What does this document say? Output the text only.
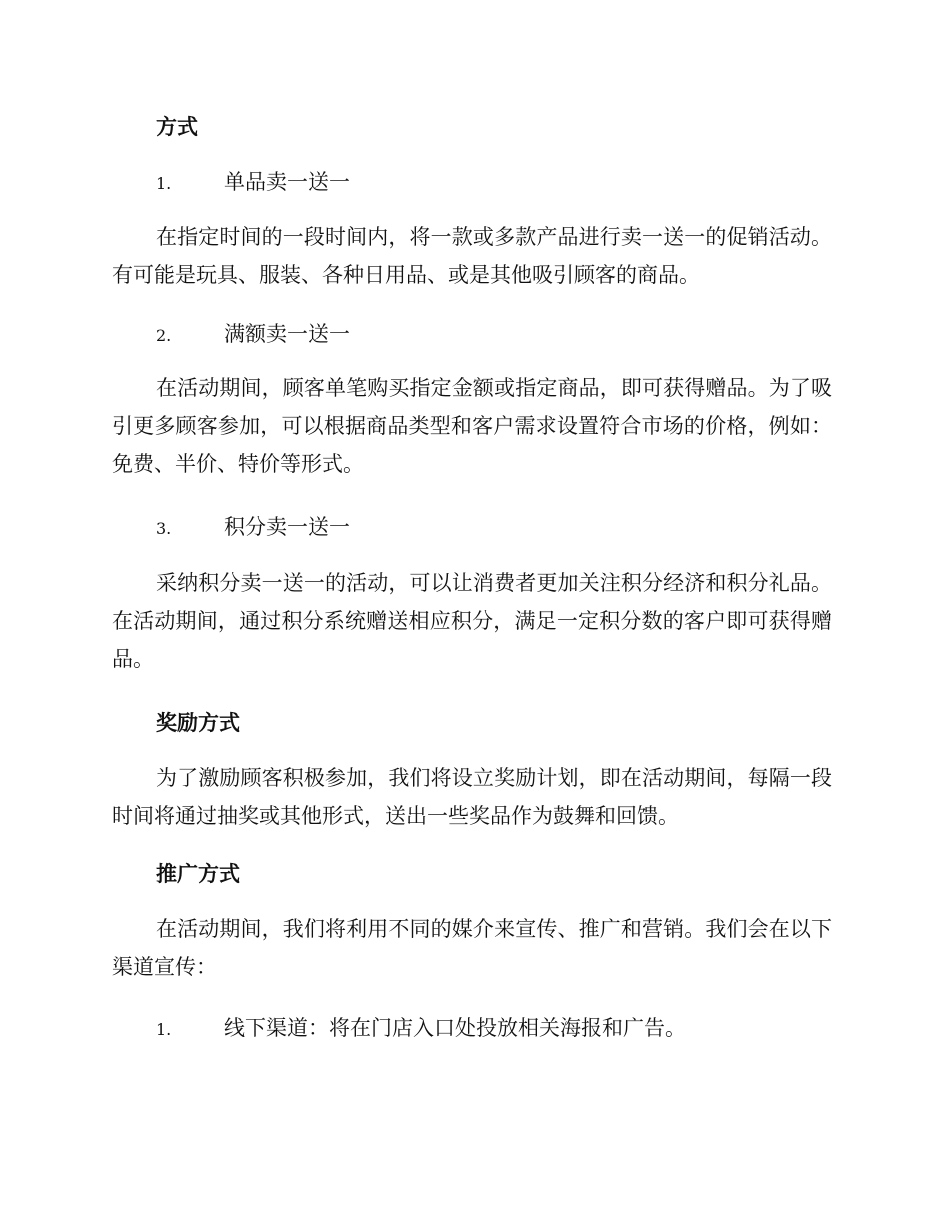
方式
1.	单品卖一送一
在指定时间的一段时间内，将一款或多款产品进行卖一送一的促销活动。有可能是玩具、服装、各种日用品、或是其他吸引顾客的商品。
2.	满额卖一送一
在活动期间，顾客单笔购买指定金额或指定商品，即可获得赠品。为了吸引更多顾客参加，可以根据商品类型和客户需求设置符合市场的价格，例如：免费、半价、特价等形式。
3.	积分卖一送一
采纳积分卖一送一的活动，可以让消费者更加关注积分经济和积分礼品。在活动期间，通过积分系统赠送相应积分，满足一定积分数的客户即可获得赠品。
奖励方式
为了激励顾客积极参加，我们将设立奖励计划，即在活动期间，每隔一段时间将通过抽奖或其他形式，送出一些奖品作为鼓舞和回馈。
推广方式
在活动期间，我们将利用不同的媒介来宣传、推广和营销。我们会在以下渠道宣传：
1.	线下渠道：将在门店入口处投放相关海报和广告。
